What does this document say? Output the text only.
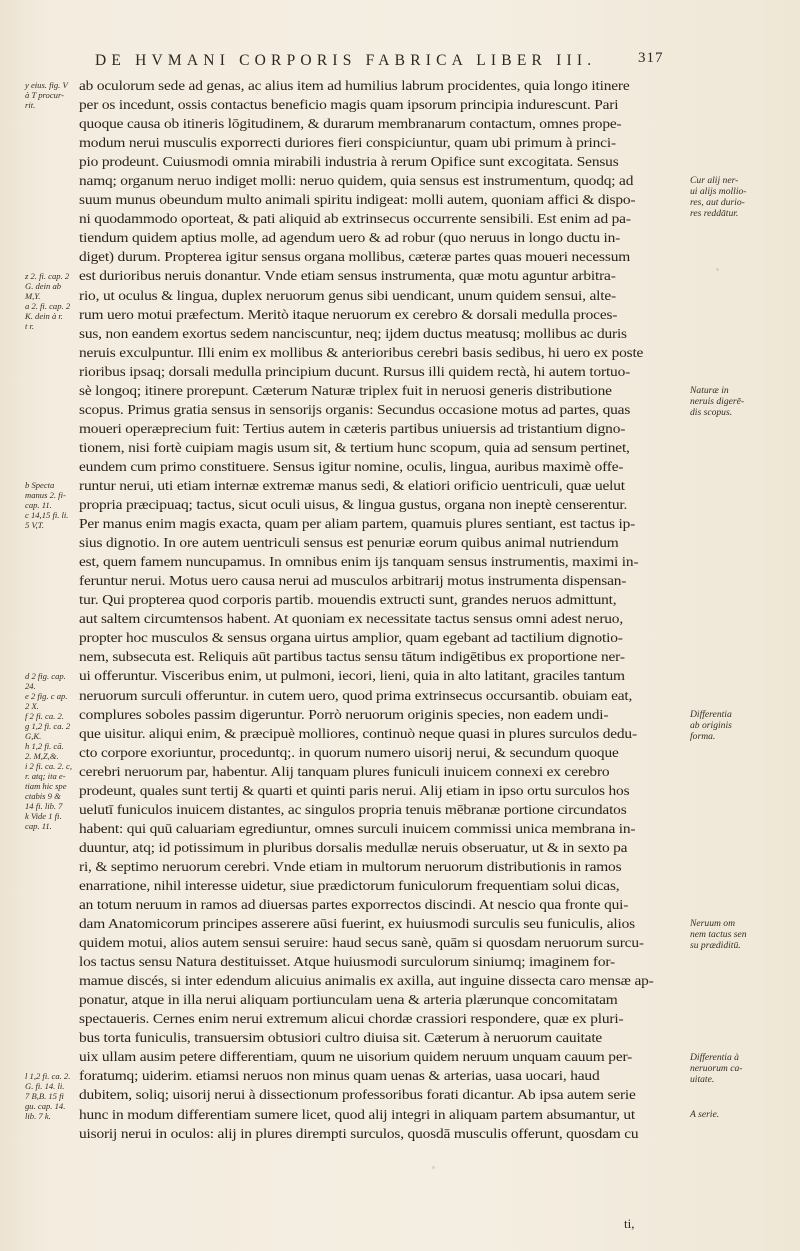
DE HVMANI CORPORIS FABRICA LIBER III.	317
ab oculorum sede ad genas, ac alius item ad humilius labrum procidentes, quia longo itinere
per os incedunt, ossis contactus beneficio magis quam ipsorum principia indurescunt. Pari
quoque causa ob itineris lōgitudinem, & durarum membranarum contactum, omnes prope-
modum nerui musculis exporrecti duriores fieri conspiciuntur, quam ubi primum à princi-
pio prodeunt. Cuiusmodi omnia mirabili industria à rerum Opifice sunt excogitata. Sensus
namq; organum neruo indiget molli: neruo quidem, quia sensus est instrumentum, quodq; ad
suum munus obeundum multo animali spiritu indigeat: molli autem, quoniam affici & dispo-
ni quodammodo oporteat, & pati aliquid ab extrinsecus occurrente sensibili. Est enim ad pa-
tiendum quidem aptius molle, ad agendum uero & ad robur (quo neruus in longo ductu in-
diget) durum. Propterea igitur sensus organa mollibus, cæteræ partes quas moueri necessum
est durioribus neruis donantur. Vnde etiam sensus instrumenta, quæ motu aguntur arbitra-
rio, ut oculus & lingua, duplex neruorum genus sibi uendicant, unum quidem sensui, alte-
rum uero motui præfectum. Meritò itaque neruorum ex cerebro & dorsali medulla proces-
sus, non eandem exortus sedem nanciscuntur, neq; ijdem ductus meatusq; mollibus ac duris
neruis exculpuntur. Illi enim ex mollibus & anterioribus cerebri basis sedibus, hi uero ex poste
rioribus ipsaq; dorsali medulla principium ducunt. Rursus illi quidem rectà, hi autem tortuo-
sè longoq; itinere prorepunt. Cæterum Naturæ triplex fuit in neruosi generis distributione
scopus. Primus gratia sensus in sensorijs organis: Secundus occasione motus ad partes, quas
moueri operæprecium fuit: Tertius autem in cæteris partibus uniuersis ad tristantium digno-
tionem, nisi fortè cuipiam magis usum sit, & tertium hunc scopum, quia ad sensum pertinet,
eundem cum primo constituere. Sensus igitur nomine, oculis, lingua, auribus maximè offe-
runtur nerui, uti etiam internæ extremæ manus sedi, & elatiori orificio uentriculi, quæ uelut
propria præcipuaq; tactus, sicut oculi uisus, & lingua gustus, organa non ineptè censerentur.
Per manus enim magis exacta, quam per aliam partem, quamuis plures sentiant, est tactus ip-
sius dignotio. In ore autem uentriculi sensus est penuriæ eorum quibus animal nutriendum
est, quem famem nuncupamus. In omnibus enim ijs tanquam sensus instrumentis, maximi in-
feruntur nerui. Motus uero causa nerui ad musculos arbitrarij motus instrumenta dispensan-
tur. Qui propterea quod corporis partib. mouendis extructi sunt, grandes neruos admittunt,
aut saltem circumtensos habent. At quoniam ex necessitate tactus sensus omni adest neruo,
propter hoc musculos & sensus organa uirtus amplior, quam egebant ad tactilium dignotio-
nem, subsecuta est. Reliquis aūt partibus tactus sensu tātum indigētibus ex proportione ner-
ui offeruntur. Visceribus enim, ut pulmoni, iecori, lieni, quia in alto latitant, graciles tantum
neruorum surculi offeruntur. in cutem uero, quod prima extrinsecus occursantib. obuiam eat,
complures soboles passim digeruntur. Porrò neruorum originis species, non eadem undi-
que uisitur. aliqui enim, & præcipuè molliores, continuò neque quasi in plures surculos dedu-
cto corpore exoriuntur, proceduntq;. in quorum numero uisorij nerui, & secundum quoque
cerebri neruorum par, habentur. Alij tanquam plures funiculi inuicem connexi ex cerebro
prodeunt, quales sunt tertij & quarti et quinti paris nerui. Alij etiam in ipso ortu surculos hos
uelutī funiculos inuicem distantes, ac singulos propria tenuis mēbranæ portione circundatos
habent: qui quū caluariam egrediuntur, omnes surculi inuicem commissi unica membrana in-
duuntur, atq; id potissimum in pluribus dorsalis medullæ neruis obseruatur, ut & in sexto pa
ri, & septimo neruorum cerebri. Vnde etiam in multorum neruorum distributionis in ramos
enarratione, nihil interesse uidetur, siue prædictorum funiculorum frequentiam solui dicas,
an totum neruum in ramos ad diuersas partes exporrectos discindi. At nescio qua fronte qui-
dam Anatomicorum principes asserere aūsi fuerint, ex huiusmodi surculis seu funiculis, alios
quidem motui, alios autem sensui seruire: haud secus sanè, quām si quosdam neruorum surcu-
los tactus sensu Natura destituisset. Atque huiusmodi surculorum siniumq; imaginem for-
mamue discés, si inter edendum alicuius animalis ex axilla, aut inguine dissecta caro mensæ ap-
ponatur, atque in illa nerui aliquam portiunculam uena & arteria plærunque concomitatam
spectaueris. Cernes enim nerui extremum alicui chordæ crassiori respondere, quæ ex pluri-
bus torta funiculis, transuersim obtusiori cultro diuisa sit. Cæterum à neruorum cauitate
uix ullam ausim petere differentiam, quum ne uisorium quidem neruum unquam cauum per-
foratumq; uiderim. etiamsi neruos non minus quam uenas & arterias, uasa uocari, haud
dubitem, soliq; uisorij nerui à dissectionum professoribus forati dicantur. Ab ipsa autem serie
hunc in modum differentiam sumere licet, quod alij integri in aliquam partem absumantur, ut
uisorij nerui in oculos: alij in plures dirempti surculos, quosdā musculis offerunt, quosdam cu
y eius. fig. V
à T procur-
rit.
z 2. fi. cap. 2
G. dein ab
M,Y.
a 2. fi. cap. 2
K. dein à r.
t r.
b Specta
manus 2. fi-
cap. 11.
c 14,15 fi. li.
5 V,T.
d 2 fig. cap.
24.
e 2 fig. c ap.
2 X.
f 2 fi. ca. 2.
g 1,2 fi. ca. 2
G,K.
h 1,2 fi. cā.
2. M,Z,&.
i 2 fi. ca. 2. c,
r. atq; ita e-
tiam hic spe
ctabis 9 &
14 fi. lib. 7
k Vide 1 fi.
cap. 11.
l 1,2 fi. ca. 2.
G. fi. 14. li.
7 B,B. 15 fi
gu. cap. 14.
lib. 7 k.
Cur alij ner-
ui alijs mollio-
res, aut durio-
res reddātur.
Naturæ in
neruis digerē-
dis scopus.
Differentia
ab originis
forma.
Neruum om
nem tactus sen
su prædiditū.
Differentia à
neruorum ca-
uitate.
A serie.
ti,
